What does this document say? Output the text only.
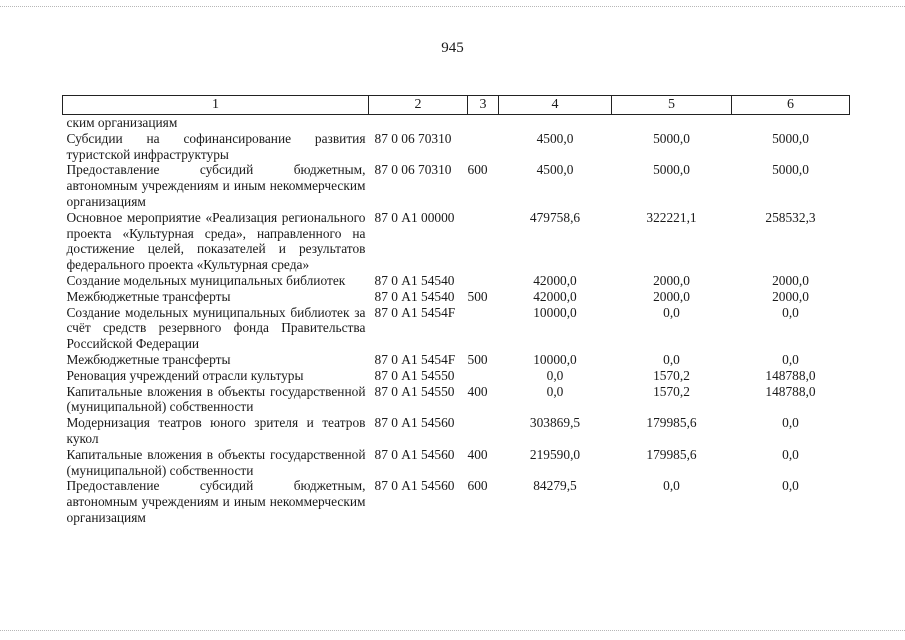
945
1	2	3	4	5	6
ским организациям					
Субсидии на софинансирование развития туристской инфраструктуры	87 0 06 70310		4500,0	5000,0	5000,0
Предоставление субсидий бюджетным, автономным учреждениям и иным некоммерческим организациям	87 0 06 70310	600	4500,0	5000,0	5000,0
Основное мероприятие «Реализация регионального проекта «Культурная среда», направленного на достижение целей, показателей и результатов федерального проекта «Культурная среда»	87 0 А1 00000		479758,6	322221,1	258532,3
Создание модельных муниципальных библиотек	87 0 А1 54540		42000,0	2000,0	2000,0
Межбюджетные трансферты	87 0 А1 54540	500	42000,0	2000,0	2000,0
Создание модельных муниципальных библиотек за счёт средств резервного фонда Правительства Российской Федерации	87 0 А1 5454F		10000,0	0,0	0,0
Межбюджетные трансферты	87 0 А1 5454F	500	10000,0	0,0	0,0
Реновация учреждений отрасли культуры	87 0 А1 54550		0,0	1570,2	148788,0
Капитальные вложения в объекты государственной (муниципальной) собственности	87 0 А1 54550	400	0,0	1570,2	148788,0
Модернизация театров юного зрителя и театров кукол	87 0 А1 54560		303869,5	179985,6	0,0
Капитальные вложения в объекты государственной (муниципальной) собственности	87 0 А1 54560	400	219590,0	179985,6	0,0
Предоставление субсидий бюджетным, автономным учреждениям и иным некоммерческим организациям	87 0 А1 54560	600	84279,5	0,0	0,0
